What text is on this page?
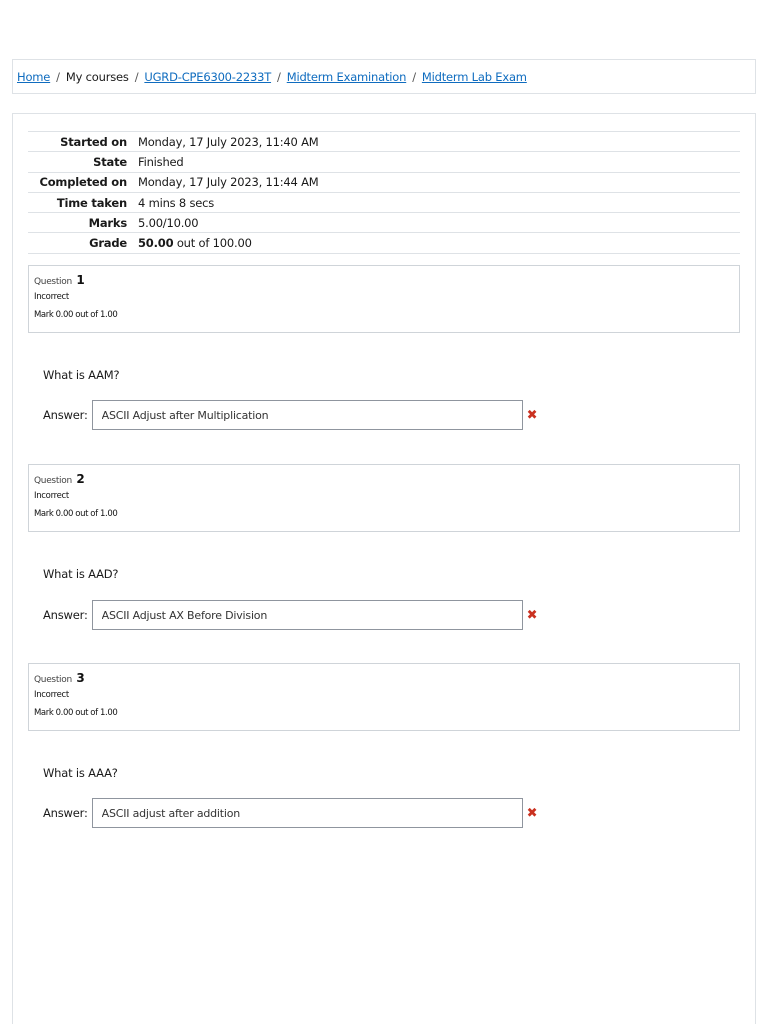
Home / My courses / UGRD-CPE6300-2233T / Midterm Examination / Midterm Lab Exam
Started on	Monday, 17 July 2023, 11:40 AM
State	Finished
Completed on	Monday, 17 July 2023, 11:44 AM
Time taken	4 mins 8 secs
Marks	5.00/10.00
Grade	50.00 out of 100.00
Question 1
Incorrect
Mark 0.00 out of 1.00
What is AAM?
Answer:
ASCII Adjust after Multiplication	✖
Question 2
Incorrect
Mark 0.00 out of 1.00
What is AAD?
Answer:
ASCII Adjust AX Before Division	✖
Question 3
Incorrect
Mark 0.00 out of 1.00
What is AAA?
Answer:
ASCII adjust after addition	✖
